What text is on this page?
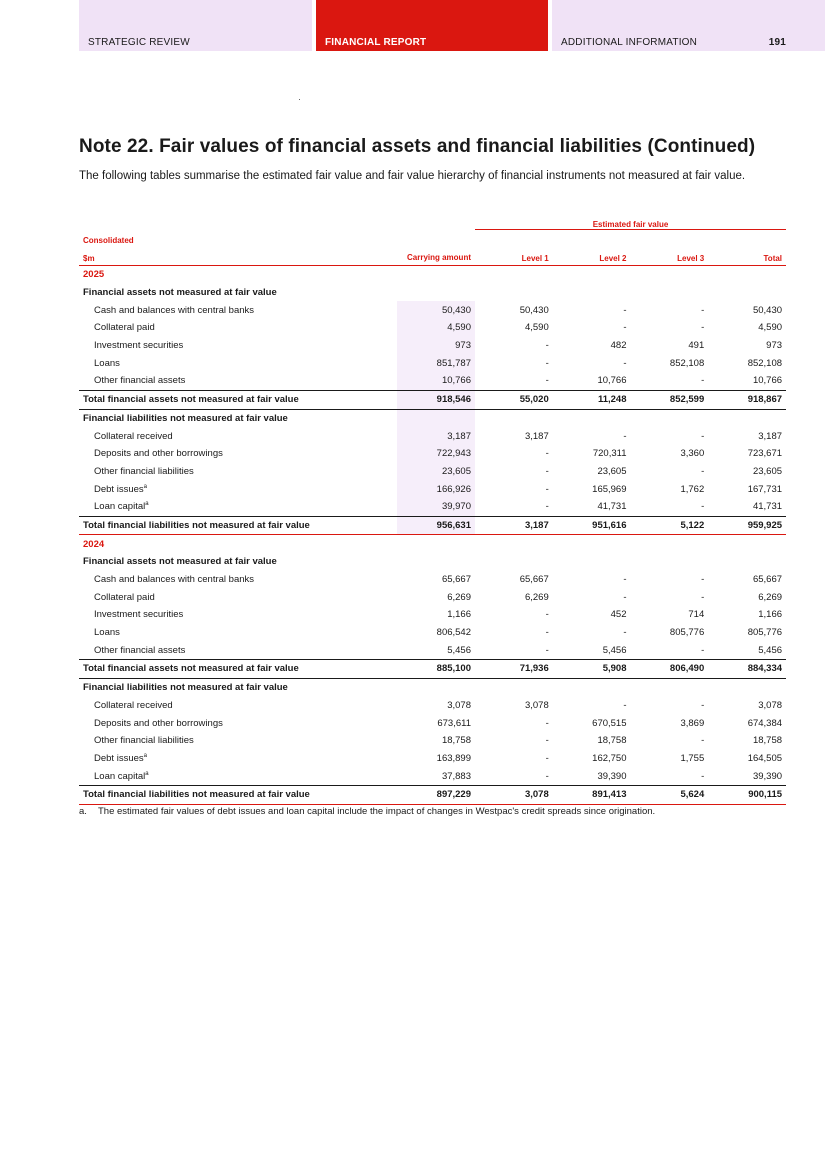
STRATEGIC REVIEW	FINANCIAL REPORT	ADDITIONAL INFORMATION	191
Note 22. Fair values of financial assets and financial liabilities (Continued)

The following tables summarise the estimated fair value and fair value hierarchy of financial instruments not measured at fair value.

		Estimated fair value			

Consolidated
$m	Carrying amount	Level 1	Level 2	Level 3	Total
2025					
Financial assets not measured at fair value					
Cash and balances with central banks	50,430	50,430	-	-	50,430
Collateral paid	4,590	4,590	-	-	4,590
Investment securities	973	-	482	491	973
Loans	851,787	-	-	852,108	852,108
Other financial assets	10,766	-	10,766	-	10,766
Total financial assets not measured at fair value	918,546	55,020	11,248	852,599	918,867
Financial liabilities not measured at fair value					
Collateral received	3,187	3,187	-	-	3,187
Deposits and other borrowings	722,943	-	720,311	3,360	723,671
Other financial liabilities	23,605	-	23,605	-	23,605
Debt issues$^a$	166,926	-	165,969	1,762	167,731
Loan capital$^a$	39,970	-	41,731	-	41,731
Total financial liabilities not measured at fair value	956,631	3,187	951,616	5,122	959,925
2024					
Financial assets not measured at fair value					
Cash and balances with central banks	65,667	65,667	-	-	65,667
Collateral paid	6,269	6,269	-	-	6,269
Investment securities	1,166	-	452	714	1,166
Loans	806,542	-	-	805,776	805,776
Other financial assets	5,456	-	5,456	-	5,456
Total financial assets not measured at fair value	885,100	71,936	5,908	806,490	884,334
Financial liabilities not measured at fair value					
Collateral received	3,078	3,078	-	-	3,078
Deposits and other borrowings	673,611	-	670,515	3,869	674,384
Other financial liabilities	18,758	-	18,758	-	18,758
Debt issues$^a$	163,899	-	162,750	1,755	164,505
Loan capital$^a$	37,883	-	39,390	-	39,390
Total financial liabilities not measured at fair value	897,229	3,078	891,413	5,624	900,115

a. The estimated fair values of debt issues and loan capital include the impact of changes in Westpac's credit spreads since origination.
